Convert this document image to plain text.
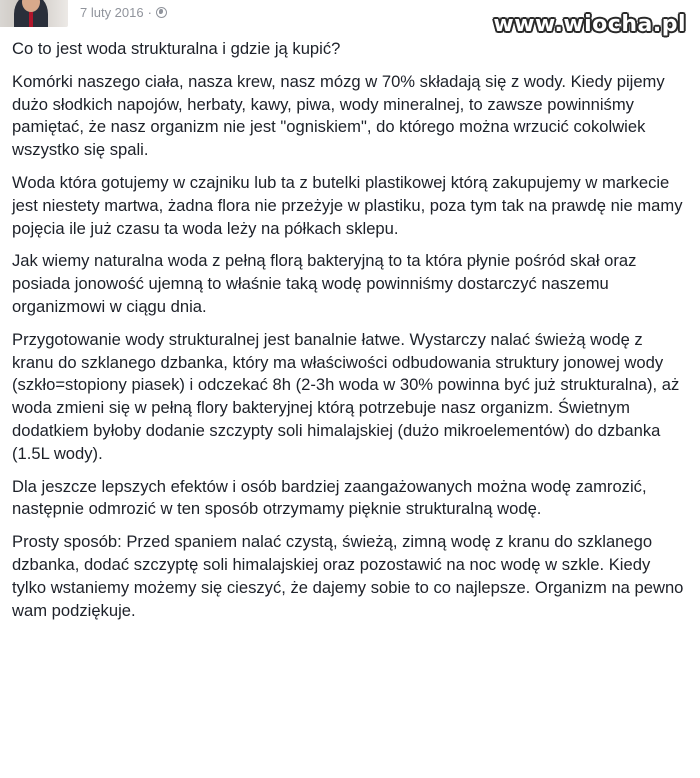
7 luty 2016 ·	www.wiocha.pl

Co to jest woda strukturalna i gdzie ją kupić?

Komórki naszego ciała, nasza krew, nasz mózg w 70% składają się z wody. Kiedy pijemy dużo słodkich napojów, herbaty, kawy, piwa, wody mineralnej, to zawsze powinniśmy pamiętać, że nasz organizm nie jest "ogniskiem", do którego można wrzucić cokolwiek wszystko się spali.

Woda która gotujemy w czajniku lub ta z butelki plastikowej którą zakupujemy w markecie jest niestety martwa, żadna flora nie przeżyje w plastiku, poza tym tak na prawdę nie mamy pojęcia ile już czasu ta woda leży na półkach sklepu.

Jak wiemy naturalna woda z pełną florą bakteryjną to ta która płynie pośród skał oraz posiada jonowość ujemną to właśnie taką wodę powinniśmy dostarczyć naszemu organizmowi w ciągu dnia.

Przygotowanie wody strukturalnej jest banalnie łatwe. Wystarczy nalać świeżą wodę z kranu do szklanego dzbanka, który ma właściwości odbudowania struktury jonowej wody (szkło=stopiony piasek) i odczekać 8h (2-3h woda w 30% powinna być już strukturalna), aż woda zmieni się w pełną flory bakteryjnej którą potrzebuje nasz organizm. Świetnym dodatkiem byłoby dodanie szczypty soli himalajskiej (dużo mikroelementów) do dzbanka (1.5L wody).

Dla jeszcze lepszych efektów i osób bardziej zaangażowanych można wodę zamrozić, następnie odmrozić w ten sposób otrzymamy pięknie strukturalną wodę.

Prosty sposób: Przed spaniem nalać czystą, świeżą, zimną wodę z kranu do szklanego dzbanka, dodać szczyptę soli himalajskiej oraz pozostawić na noc wodę w szkle. Kiedy tylko wstaniemy możemy się cieszyć, że dajemy sobie to co najlepsze. Organizm na pewno wam podziękuje.
